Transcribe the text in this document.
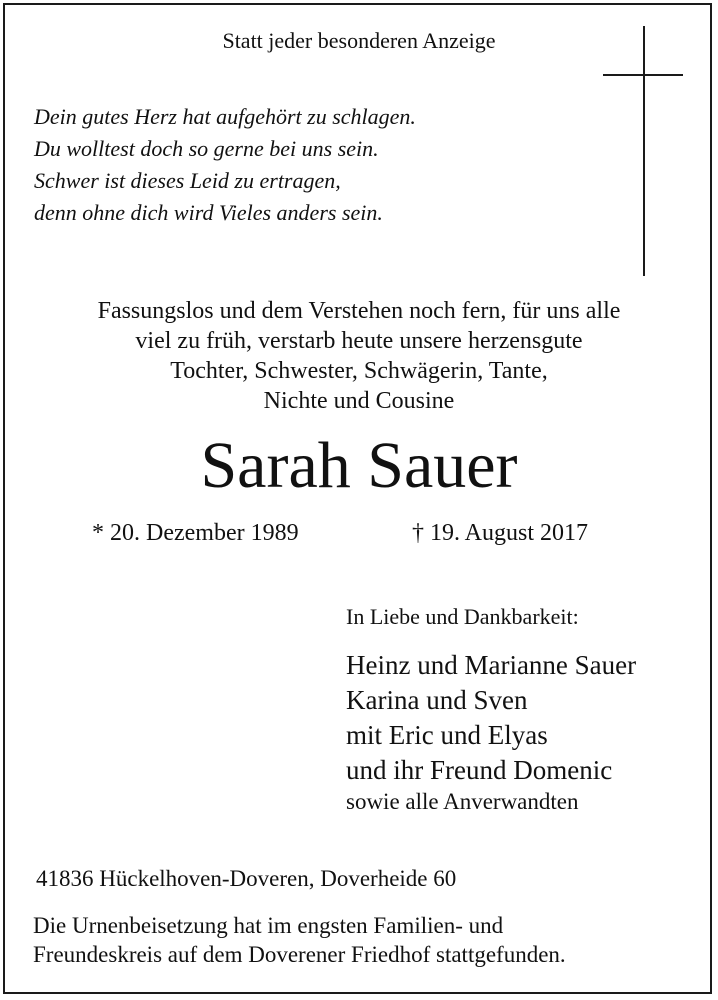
Statt jeder besonderen Anzeige
Dein gutes Herz hat aufgehört zu schlagen.
Du wolltest doch so gerne bei uns sein.
Schwer ist dieses Leid zu ertragen,
denn ohne dich wird Vieles anders sein.
Fassungslos und dem Verstehen noch fern, für uns alle
viel zu früh, verstarb heute unsere herzensgute
Tochter, Schwester, Schwägerin, Tante,
Nichte und Cousine
Sarah Sauer
* 20. Dezember 1989	† 19. August 2017
In Liebe und Dankbarkeit:
Heinz und Marianne Sauer
Karina und Sven
mit Eric und Elyas
und ihr Freund Domenic
sowie alle Anverwandten
41836 Hückelhoven-Doveren, Doverheide 60
Die Urnenbeisetzung hat im engsten Familien- und
Freundeskreis auf dem Doverener Friedhof stattgefunden.
